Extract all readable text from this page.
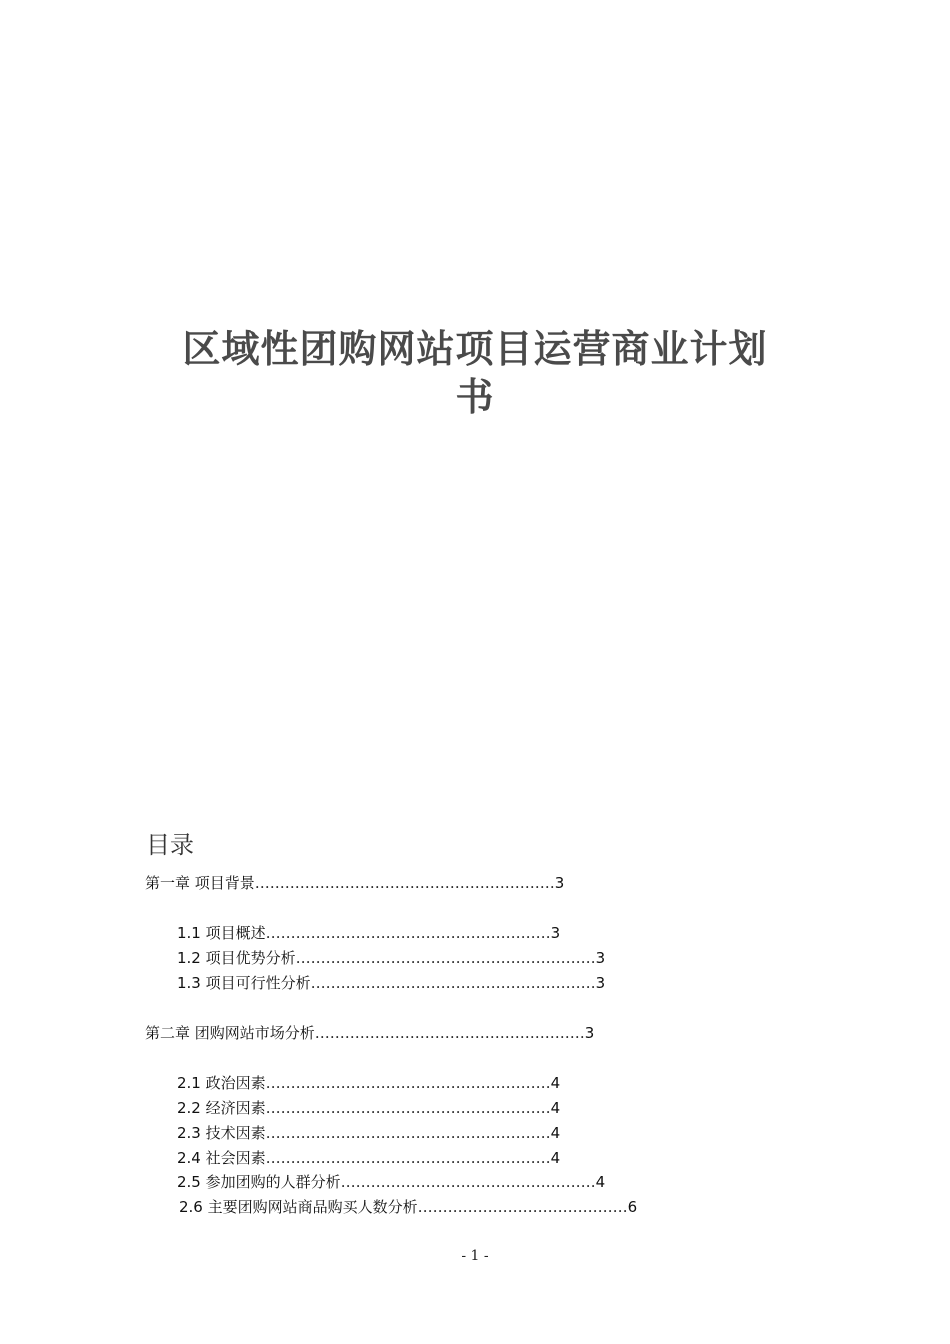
区域性团购网站项目运营商业计划
书
目录
第一章 项目背景……………………………………………………3
1.1 项目概述…………………………………………………3
1.2 项目优势分析……………………………………………………3
1.3 项目可行性分析…………………………………………………3
第二章 团购网站市场分析………………………………………………3
2.1 政治因素…………………………………………………4
2.2 经济因素…………………………………………………4
2.3 技术因素…………………………………………………4
2.4 社会因素…………………………………………………4
2.5 参加团购的人群分析……………………………………………4
2.6 主要团购网站商品购买人数分析……………………………………6
- 1 -
